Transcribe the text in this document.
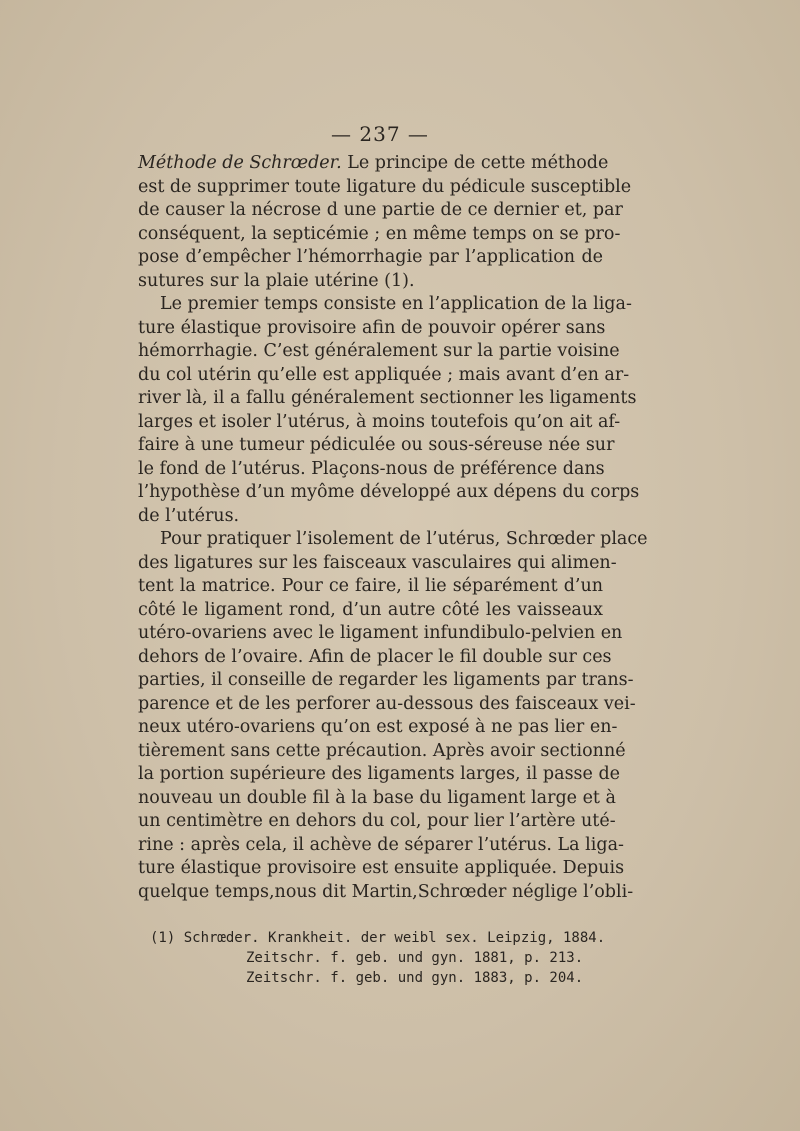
— 237 —
Méthode de Schrœder. Le principe de cette méthode
est de supprimer toute ligature du pédicule susceptible
de causer la nécrose d une partie de ce dernier et, par
conséquent, la septicémie ; en même temps on se pro-
pose d’empêcher l’hémorrhagie par l’application de
sutures sur la plaie utérine (1).
Le premier temps consiste en l’application de la liga-
ture élastique provisoire afin de pouvoir opérer sans
hémorrhagie. C’est généralement sur la partie voisine
du col utérin qu’elle est appliquée ; mais avant d’en ar-
river là, il a fallu généralement sectionner les ligaments
larges et isoler l’utérus, à moins toutefois qu’on ait af-
faire à une tumeur pédiculée ou sous-séreuse née sur
le fond de l’utérus. Plaçons-nous de préférence dans
l’hypothèse d’un myôme développé aux dépens du corps
de l’utérus.
Pour pratiquer l’isolement de l’utérus, Schrœder place
des ligatures sur les faisceaux vasculaires qui alimen-
tent la matrice. Pour ce faire, il lie séparément d’un
côté le ligament rond, d’un autre côté les vaisseaux
utéro-ovariens avec le ligament infundibulo-pelvien en
dehors de l’ovaire. Afin de placer le fil double sur ces
parties, il conseille de regarder les ligaments par trans-
parence et de les perforer au-dessous des faisceaux vei-
neux utéro-ovariens qu’on est exposé à ne pas lier en-
tièrement sans cette précaution. Après avoir sectionné
la portion supérieure des ligaments larges, il passe de
nouveau un double fil à la base du ligament large et à
un centimètre en dehors du col, pour lier l’artère uté-
rine : après cela, il achève de séparer l’utérus. La liga-
ture élastique provisoire est ensuite appliquée. Depuis
quelque temps,nous dit Martin,Schrœder néglige l’obli-
(1) Schrœder. Krankheit. der weibl sex. Leipzig, 1884.
Zeitschr. f. geb. und gyn. 1881, p. 213.
Zeitschr. f. geb. und gyn. 1883, p. 204.
